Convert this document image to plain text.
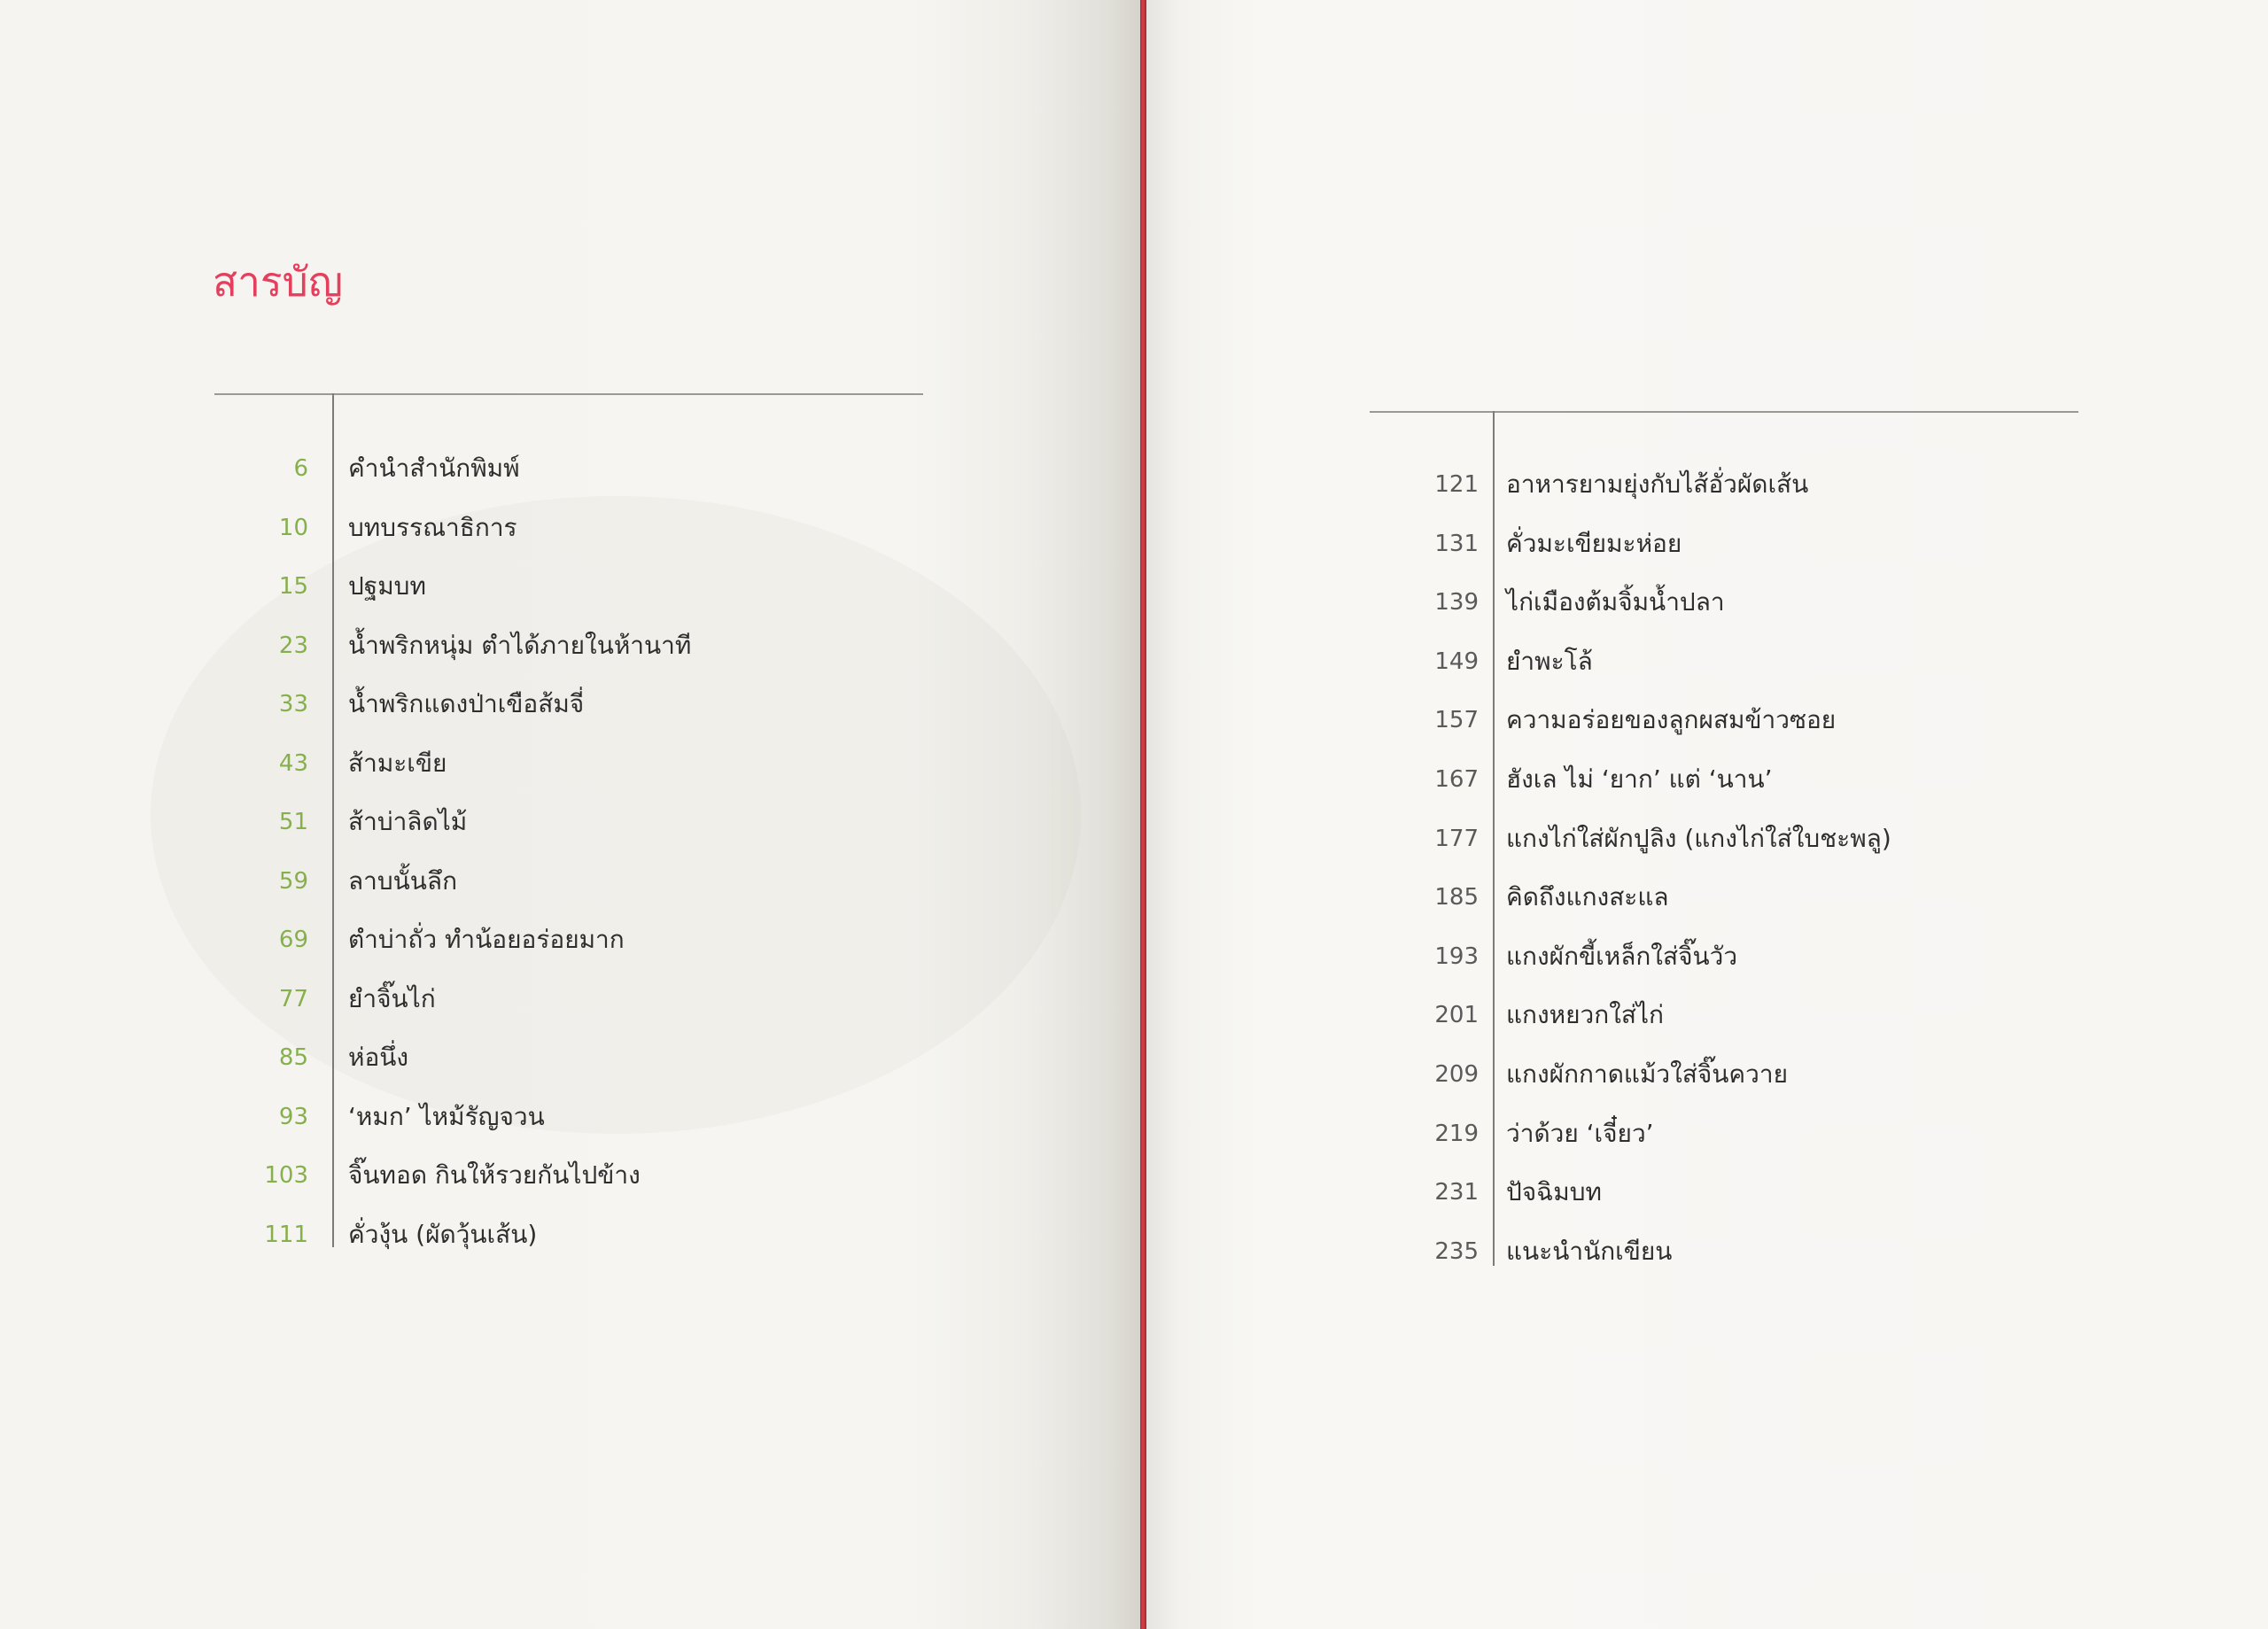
สารบัญ
6 คำนำสำนักพิมพ์
10 บทบรรณาธิการ
15 ปฐมบท
23 น้ำพริกหนุ่ม ตำได้ภายในห้านาที
33 น้ำพริกแดงป่าเขือส้มจี่
43 ส้ามะเขีย
51 ส้าบ่าลิดไม้
59 ลาบนั้นลึก
69 ตำบ่าถั่ว ทำน้อยอร่อยมาก
77 ยำจิ๊นไก่
85 ห่อนึ่ง
93 ‘หมก’ ไหม้รัญจวน
103 จิ๊นทอด กินให้รวยกันไปข้าง
111 คั่วงุ้น (ผัดวุ้นเส้น)
121 อาหารยามยุ่งกับไส้อั่วผัดเส้น
131 คั่วมะเขียมะห่อย
139 ไก่เมืองต้มจิ้มน้ำปลา
149 ยำพะโล้
157 ความอร่อยของลูกผสมข้าวซอย
167 ฮังเล ไม่ ‘ยาก’ แต่ ‘นาน’
177 แกงไก่ใส่ผักปูลิง (แกงไก่ใส่ใบชะพลู)
185 คิดถึงแกงสะแล
193 แกงผักขี้เหล็กใส่จิ๊นวัว
201 แกงหยวกใส่ไก่
209 แกงผักกาดแม้วใส่จิ๊นควาย
219 ว่าด้วย ‘เจี๋ยว’
231 ปัจฉิมบท
235 แนะนำนักเขียน
